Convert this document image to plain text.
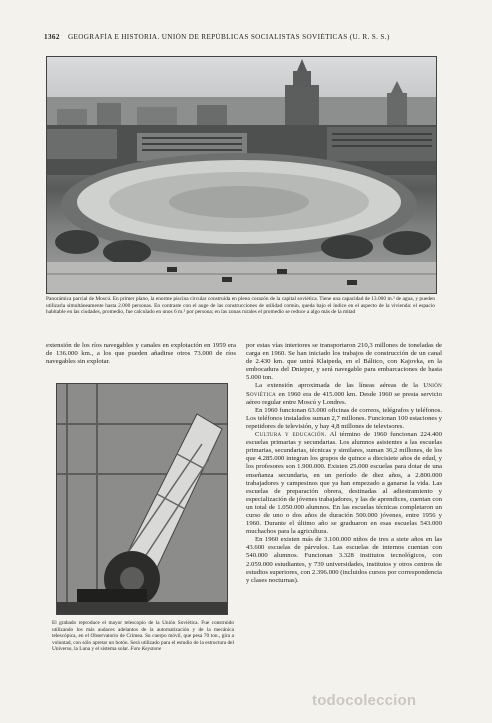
1362 GEOGRAFÍA E HISTORIA. UNIÓN DE REPÚBLICAS SOCIALISTAS SOVIÉTICAS (U. R. S. S.)
Panorámica parcial de Moscú. En primer plano, la enorme piscina circular construida en pleno corazón de la capital soviética. Tiene una capacidad de 13.000 m.³ de agua, y pueden utilizarla simultáneamente hasta 2.000 personas. En contraste con el auge de las construcciones de utilidad común, queda bajo el índice en el aspecto de la vivienda: el espacio habitable en las ciudades, promedio, fue calculado en unos 6 m.² por persona; en las zonas rurales el promedio se reduce a algo más de la mitad
extensión de los ríos navegables y canales en explotación en 1959 era de 136.000 km., a los que pueden añadirse otros 73.000 de ríos navegables sin explotar.
El grabado reproduce el mayor telescopio de la Unión Soviética. Fue construido utilizando los más audaces adelantos de la automatización y de la mecánica telescópica, en el Observatorio de Crimea. Su cuerpo móvil, que pesa 70 ton., gira a voluntad, con sólo apretar un botón. Será utilizado para el estudio de la estructura del Universo, la Luna y el sistema solar. Foto Keystone

por estas vías interiores se transportaron 210,3 millones de toneladas de carga en 1960. Se han iniciado los trabajos de construcción de un canal de 2.430 km. que unirá Klaipeda, en el Báltico, con Kajovka, en la embocadura del Dnieper, y será navegable para embarcaciones de hasta 5.000 ton.

La extensión aproximada de las líneas aéreas de la Unión Soviética en 1960 era de 415.000 km. Desde 1960 se presta servicio aéreo regular entre Moscú y Londres.

En 1960 funcionan 63.000 oficinas de correos, telégrafos y teléfonos. Los teléfonos instalados suman 2,7 millones. Funcionan 100 estaciones y repetidores de televisión, y hay 4,8 millones de televisores.

Cultura y educación. Al término de 1960 funcionan 224.400 escuelas primarias y secundarias. Los alumnos asistentes a las escuelas primarias, secundarias, técnicas y similares, suman 36,2 millones, de los que 4.285.000 integran los grupos de quince a diecisiete años de edad, y los profesores son 1.900.000. Existen 25.000 escuelas para dotar de una enseñanza secundaria, en un período de diez años, a 2.800.000 trabajadores y campesinos que ya han empezado a ganarse la vida. Las escuelas de preparación obrera, destinadas al adiestramiento y especialización de jóvenes trabajadores, y las de aprendices, cuentan con un total de 1.050.000 alumnos. En las escuelas técnicas completaron un curso de uno o dos años de duración 500.000 jóvenes, entre 1956 y 1960. Durante el último año se graduaron en esas escuelas 543.000 muchachos para la agricultura.

En 1960 existen más de 3.100.000 niños de tres a siete años en las 43.600 escuelas de párvulos. Las escuelas de internos cuentan con 540.000 alumnos. Funcionan 3.328 institutos tecnológicos, con 2.059.000 estudiantes, y 739 universidades, institutos y otros centros de estudios superiores, con 2.396.000 (incluidos cursos por correspondencia y clases nocturnas).

todocoleccion
